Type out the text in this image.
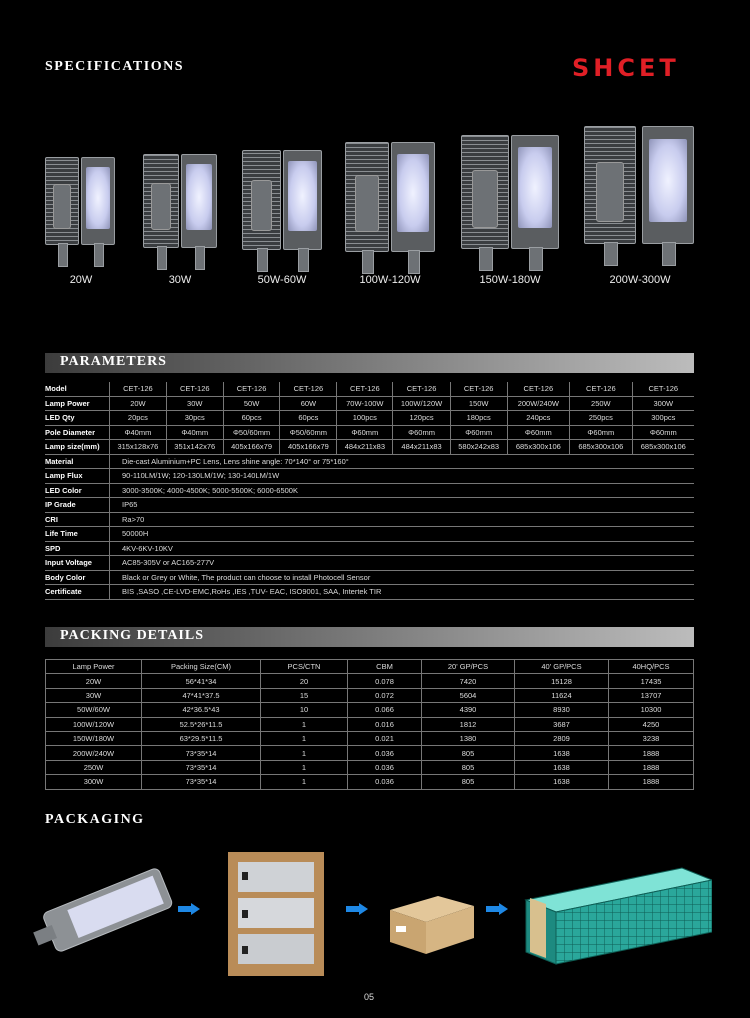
SPECIFICATIONS	SHCET
20W	30W	50W-60W	100W-120W	150W-180W	200W-300W
PARAMETERS
Model	CET-126	CET-126	CET-126	CET-126	CET-126	CET-126	CET-126	CET-126	CET-126	CET-126
Lamp Power	20W	30W	50W	60W	70W-100W	100W/120W	150W	200W/240W	250W	300W
LED Qty	20pcs	30pcs	60pcs	60pcs	100pcs	120pcs	180pcs	240pcs	250pcs	300pcs
Pole Diameter	Φ40mm	Φ40mm	Φ50/60mm	Φ50/60mm	Φ60mm	Φ60mm	Φ60mm	Φ60mm	Φ60mm	Φ60mm
Lamp size(mm)	315x128x76	351x142x76	405x166x79	405x166x79	484x211x83	484x211x83	580x242x83	685x300x106	685x300x106	685x300x106
Material	Die-cast Aluminium+PC Lens, Lens shine angle: 70*140° or 75*160°									
Lamp Flux	90-110LM/1W; 120-130LM/1W; 130-140LM/1W									
LED Color	3000-3500K; 4000-4500K; 5000-5500K; 6000-6500K									
IP Grade	IP65									
CRI	Ra>70									
Life Time	50000H									
SPD	4KV-6KV-10KV									
Input Voltage	AC85-305V or AC165-277V									
Body Color	Black or Grey or White, The product can choose to install Photocell Sensor									
Certificate	BIS ,SASO ,CE-LVD-EMC,RoHs ,IES ,TUV- EAC, ISO9001, SAA, Intertek TIR									
PACKING DETAILS
Lamp Power	Packing Size(CM)	PCS/CTN	CBM	20' GP/PCS	40' GP/PCS	40HQ/PCS
20W	56*41*34	20	0.078	7420	15128	17435
30W	47*41*37.5	15	0.072	5604	11624	13707
50W/60W	42*36.5*43	10	0.066	4390	8930	10300
100W/120W	52.5*26*11.5	1	0.016	1812	3687	4250
150W/180W	63*29.5*11.5	1	0.021	1380	2809	3238
200W/240W	73*35*14	1	0.036	805	1638	1888
250W	73*35*14	1	0.036	805	1638	1888
300W	73*35*14	1	0.036	805	1638	1888
PACKAGING
05
